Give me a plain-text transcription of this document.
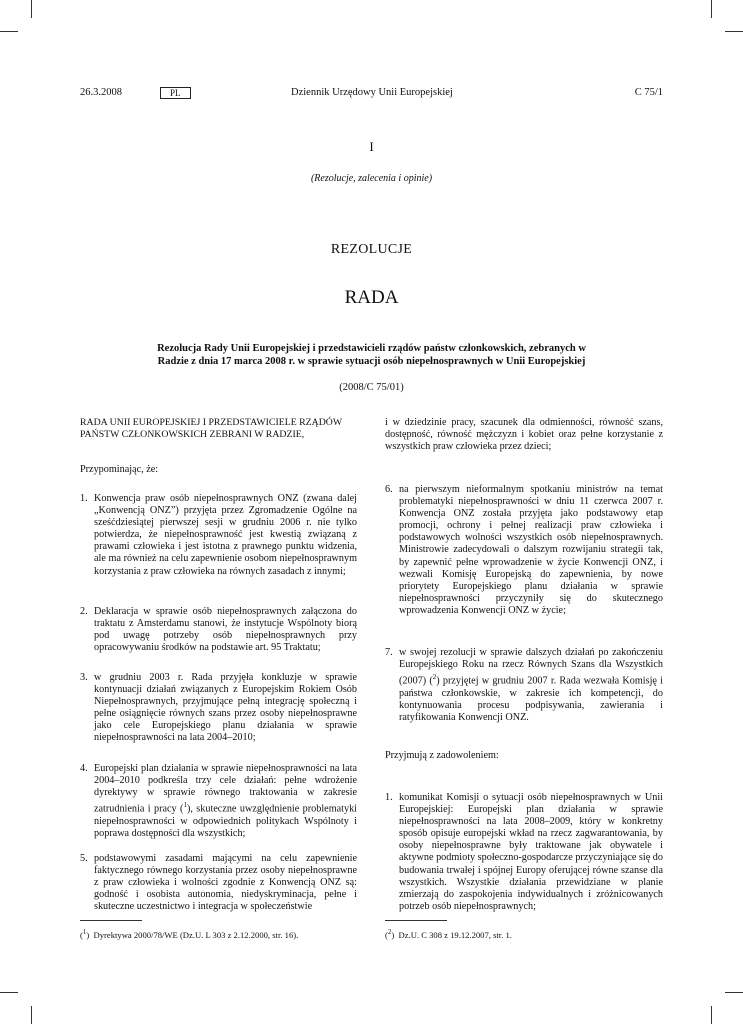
26.3.2008	PL	Dziennik Urzędowy Unii Europejskiej	C 75/1
I
(Rezolucje, zalecenia i opinie)
REZOLUCJE
RADA
Rezolucja Rady Unii Europejskiej i przedstawicieli rządów państw członkowskich, zebranych w
Radzie z dnia 17 marca 2008 r. w sprawie sytuacji osób niepełnosprawnych w Unii Europejskiej
(2008/C 75/01)
RADA UNII EUROPEJSKIEJ I PRZEDSTAWICIELE RZĄDÓW PAŃSTW CZŁONKOWSKICH ZEBRANI W RADZIE,
Przypominając, że:
1. Konwencja praw osób niepełnosprawnych ONZ (zwana dalej „Konwencją ONZ”) przyjęta przez Zgromadzenie Ogólne na sześćdziesiątej pierwszej sesji w grudniu 2006 r. nie tylko potwierdza, że niepełnosprawność jest kwestią związaną z prawami człowieka i jest istotna z prawnego punktu widzenia, ale ma również na celu zapewnienie osobom niepełnosprawnym korzystania z praw człowieka na równych zasadach z innymi;
2. Deklaracja w sprawie osób niepełnosprawnych załączona do traktatu z Amsterdamu stanowi, że instytucje Wspólnoty biorą pod uwagę potrzeby osób niepełnosprawnych przy opracowywaniu środków na podstawie art. 95 Traktatu;
3. w grudniu 2003 r. Rada przyjęła konkluzje w sprawie kontynuacji działań związanych z Europejskim Rokiem Osób Niepełnosprawnych, przyjmujące pełną integrację społeczną i pełne osiągnięcie równych szans przez osoby niepełnosprawne jako cele Europejskiego planu działania w sprawie niepełnosprawności na lata 2004–2010;
4. Europejski plan działania w sprawie niepełnosprawności na lata 2004–2010 podkreśla trzy cele działań: pełne wdrożenie dyrektywy w sprawie równego traktowania w zakresie zatrudnienia i pracy ($^1$), skuteczne uwzględnienie problematyki niepełnosprawności w odpowiednich politykach Wspólnoty i poprawa dostępności dla wszystkich;
5. podstawowymi zasadami mającymi na celu zapewnienie faktycznego równego korzystania przez osoby niepełnosprawne z praw człowieka i wolności zgodnie z Konwencją ONZ są: godność i osobista autonomia, niedyskryminacja, pełne i skuteczne uczestnictwo i integracja w społeczeństwie
($^1$)  Dyrektywa 2000/78/WE (Dz.U. L 303 z 2.12.2000, str. 16).
i w dziedzinie pracy, szacunek dla odmienności, równość szans, dostępność, równość mężczyzn i kobiet oraz pełne korzystanie z wszystkich praw człowieka przez dzieci;
6. na pierwszym nieformalnym spotkaniu ministrów na temat problematyki niepełnosprawności w dniu 11 czerwca 2007 r. Konwencja ONZ została przyjęta jako podstawowy etap promocji, ochrony i pełnej realizacji praw człowieka i podstawowych wolności wszystkich osób niepełnosprawnych. Ministrowie zadecydowali o dalszym rozwijaniu strategii tak, by zapewnić pełne wprowadzenie w życie Konwencji ONZ, i wezwali Komisję Europejską do zapewnienia, by nowe priorytety Europejskiego planu działania w sprawie niepełnosprawności przyczyniły się do skutecznego wprowadzenia Konwencji ONZ w życie;
7. w swojej rezolucji w sprawie dalszych działań po zakończeniu Europejskiego Roku na rzecz Równych Szans dla Wszystkich (2007) ($^2$) przyjętej w grudniu 2007 r. Rada wezwała Komisję i państwa członkowskie, w zakresie ich kompetencji, do kontynuowania procesu podpisywania, zawierania i ratyfikowania Konwencji ONZ.
Przyjmują z zadowoleniem:
1. komunikat Komisji o sytuacji osób niepełnosprawnych w Unii Europejskiej: Europejski plan działania w sprawie niepełnosprawności na lata 2008–2009, który w konkretny sposób opisuje europejski wkład na rzecz zagwarantowania, by osoby niepełnosprawne były traktowane jak obywatele i aktywne podmioty społeczno-gospodarcze przyczyniające się do budowania trwałej i spójnej Europy oferującej równe szanse dla wszystkich. Wszystkie działania przewidziane w planie zmierzają do zaspokojenia indywidualnych i zróżnicowanych potrzeb osób niepełnosprawnych;
($^2$)  Dz.U. C 308 z 19.12.2007, str. 1.
